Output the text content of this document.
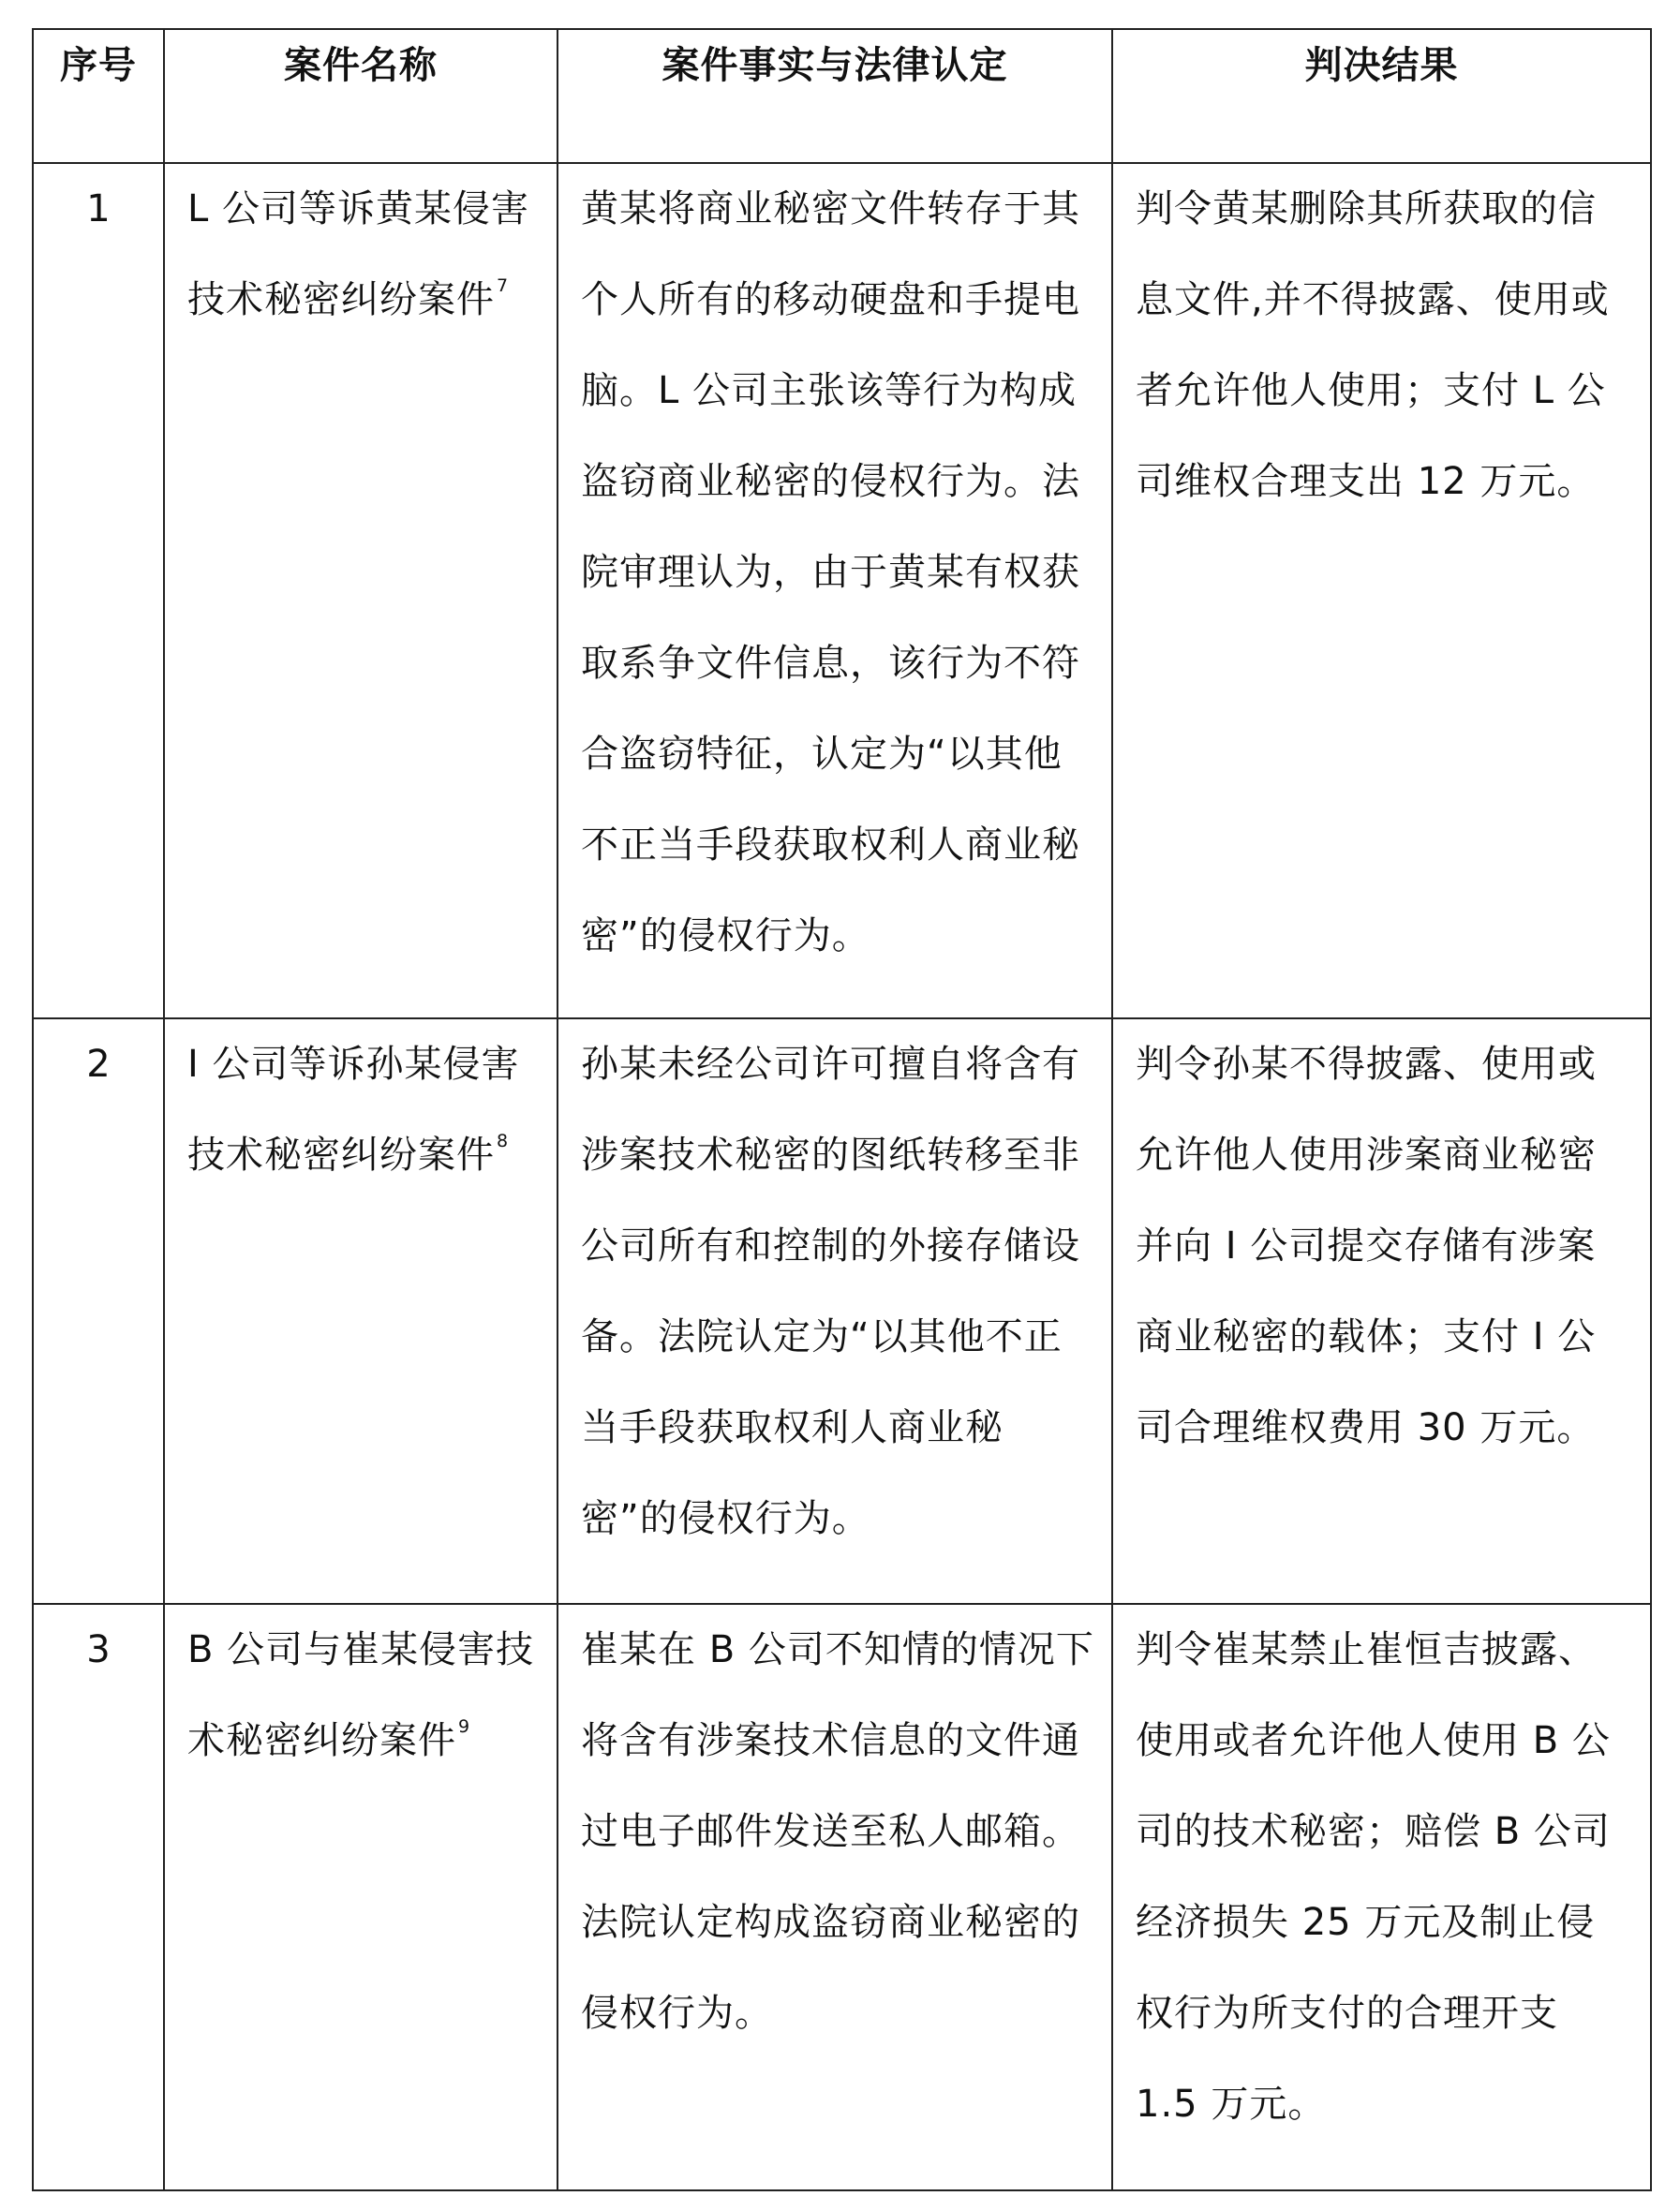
序号	案件名称	案件事实与法律认定	判决结果
1	L 公司等诉黄某侵害技术秘密纠纷案件 $^7$	黄某将商业秘密文件转存于其个人所有的移动硬盘和手提电脑。L 公司主张该等行为构成盗窃商业秘密的侵权行为。法院审理认为，由于黄某有权获取系争文件信息，该行为不符合盗窃特征，认定为“以其他不正当手段获取权利人商业秘密”的侵权行为。	判令黄某删除其所获取的信息文件,并不得披露、使用或者允许他人使用；支付 L 公司维权合理支出 12 万元。
2	I 公司等诉孙某侵害技术秘密纠纷案件 $^8$	孙某未经公司许可擅自将含有涉案技术秘密的图纸转移至非公司所有和控制的外接存储设备。法院认定为“以其他不正当手段获取权利人商业秘密”的侵权行为。	判令孙某不得披露、使用或允许他人使用涉案商业秘密并向 I 公司提交存储有涉案商业秘密的载体；支付 I 公司合理维权费用 30 万元。
3	B 公司与崔某侵害技术秘密纠纷案件 $^9$	崔某在 B 公司不知情的情况下将含有涉案技术信息的文件通过电子邮件发送至私人邮箱。法院认定构成盗窃商业秘密的侵权行为。	判令崔某禁止崔恒吉披露、使用或者允许他人使用 B 公司的技术秘密；赔偿 B 公司经济损失 25 万元及制止侵权行为所支付的合理开支 1.5 万元。
